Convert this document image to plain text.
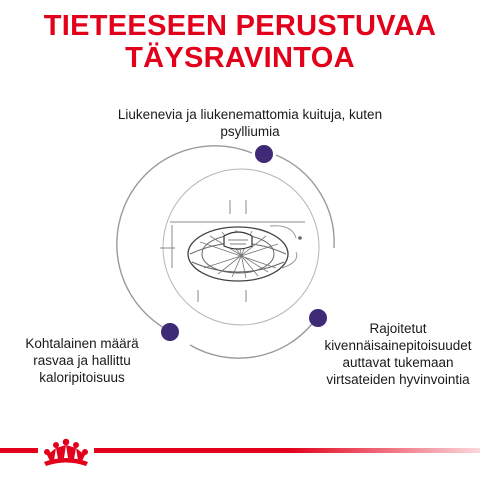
TIETEESEEN PERUSTUVAA
TÄYSRAVINTOA
Liukenevia ja liukenemattomia kuituja, kuten psylliumia
Kohtalainen määrä rasvaa ja hallittu kaloripitoisuus
Rajoitetut kivennäisainepitoisuudet auttavat tukemaan virtsateiden hyvinvointia
